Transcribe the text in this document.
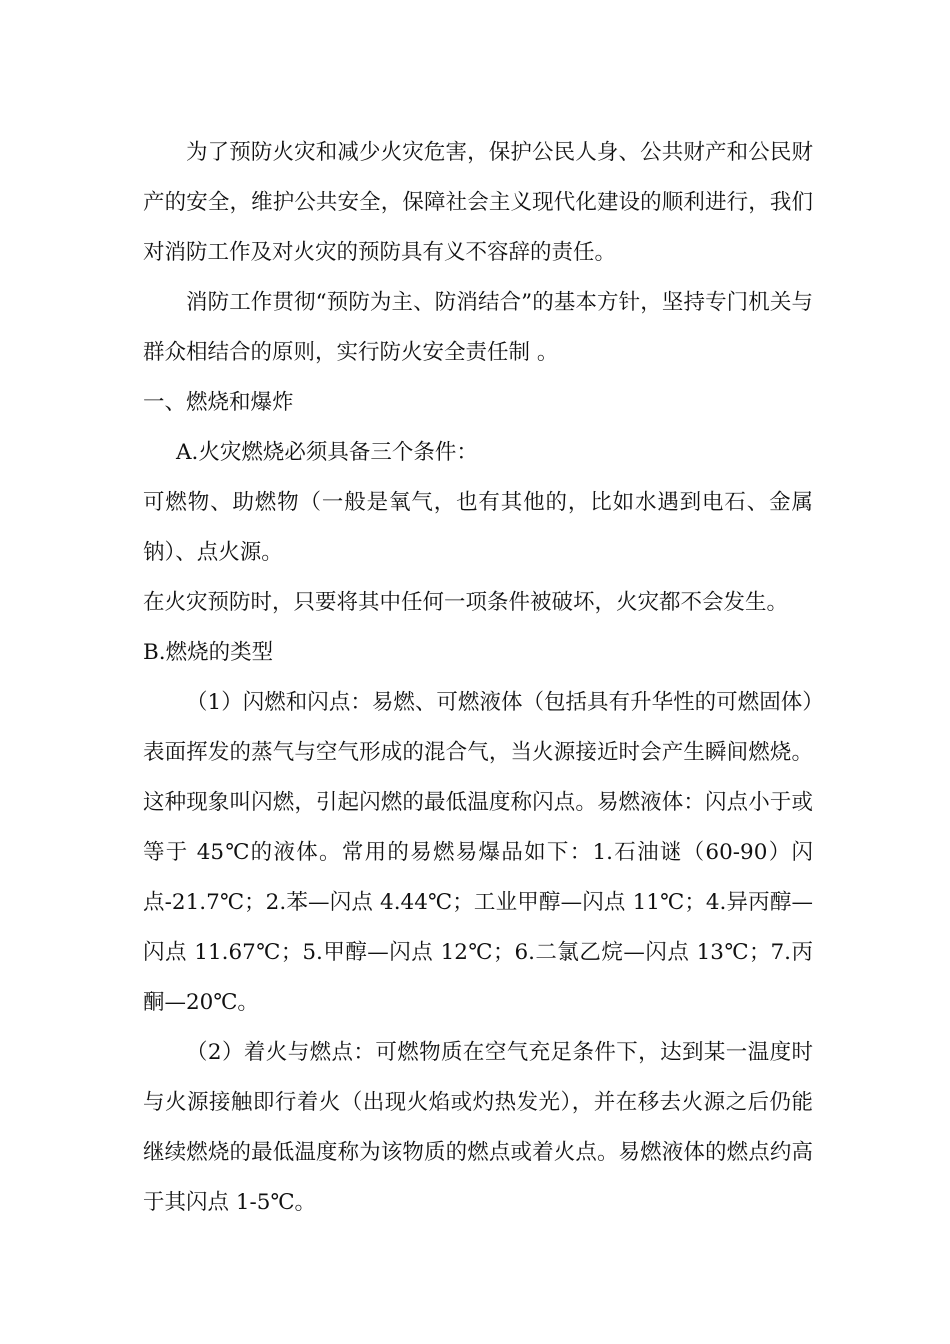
为了预防火灾和减少火灾危害，保护公民人身、公共财产和公民财产的安全，维护公共安全，保障社会主义现代化建设的顺利进行，我们对消防工作及对火灾的预防具有义不容辞的责任。

消防工作贯彻“预防为主、防消结合”的基本方针，坚持专门机关与群众相结合的原则，实行防火安全责任制 。

一、燃烧和爆炸

A.火灾燃烧必须具备三个条件：

可燃物、助燃物（一般是氧气，也有其他的，比如水遇到电石、金属钠）、点火源。

在火灾预防时，只要将其中任何一项条件被破坏，火灾都不会发生。

B.燃烧的类型

（1）闪燃和闪点：易燃、可燃液体（包括具有升华性的可燃固体）表面挥发的蒸气与空气形成的混合气，当火源接近时会产生瞬间燃烧。这种现象叫闪燃，引起闪燃的最低温度称闪点。易燃液体：闪点小于或等于 45℃的液体。常用的易燃易爆品如下：1.石油谜（60-90）闪点-21.7℃；2.苯—闪点 4.44℃；工业甲醇—闪点 11℃；4.异丙醇—闪点 11.67℃；5.甲醇—闪点 12℃；6.二氯乙烷—闪点 13℃；7.丙酮—20℃。

（2）着火与燃点：可燃物质在空气充足条件下，达到某一温度时与火源接触即行着火（出现火焰或灼热发光），并在移去火源之后仍能继续燃烧的最低温度称为该物质的燃点或着火点。易燃液体的燃点约高于其闪点 1-5℃。
